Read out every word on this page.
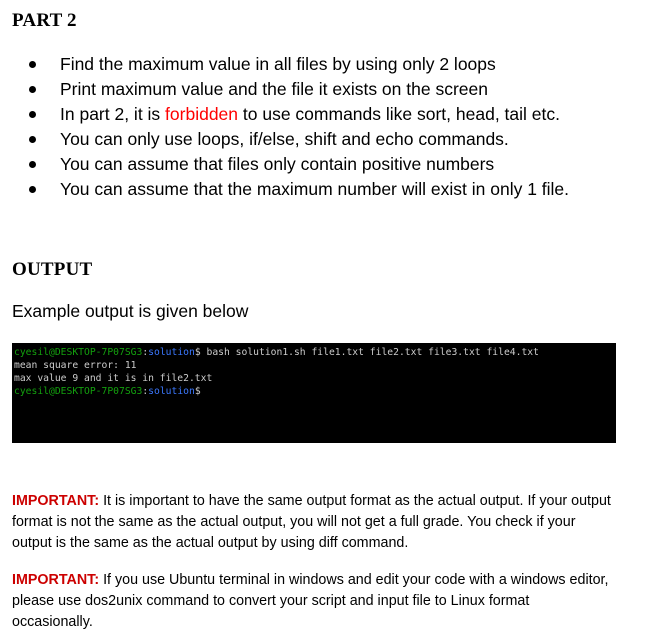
PART 2
Find the maximum value in all files by using only 2 loops
Print maximum value and the file it exists on the screen
In part 2, it is forbidden to use commands like sort, head, tail etc.
You can only use loops, if/else, shift and echo commands.
You can assume that files only contain positive numbers
You can assume that the maximum number will exist in only 1 file.
OUTPUT
Example output is given below
cyesil@DESKTOP-7P07SG3:solution$ bash solution1.sh file1.txt file2.txt file3.txt file4.txt
mean square error: 11
max value 9 and it is in file2.txt
cyesil@DESKTOP-7P07SG3:solution$
IMPORTANT: It is important to have the same output format as the actual output. If your output format is not the same as the actual output, you will not get a full grade. You check if your output is the same as the actual output by using diff command.
IMPORTANT: If you use Ubuntu terminal in windows and edit your code with a windows editor, please use dos2unix command to convert your script and input file to Linux format occasionally.
